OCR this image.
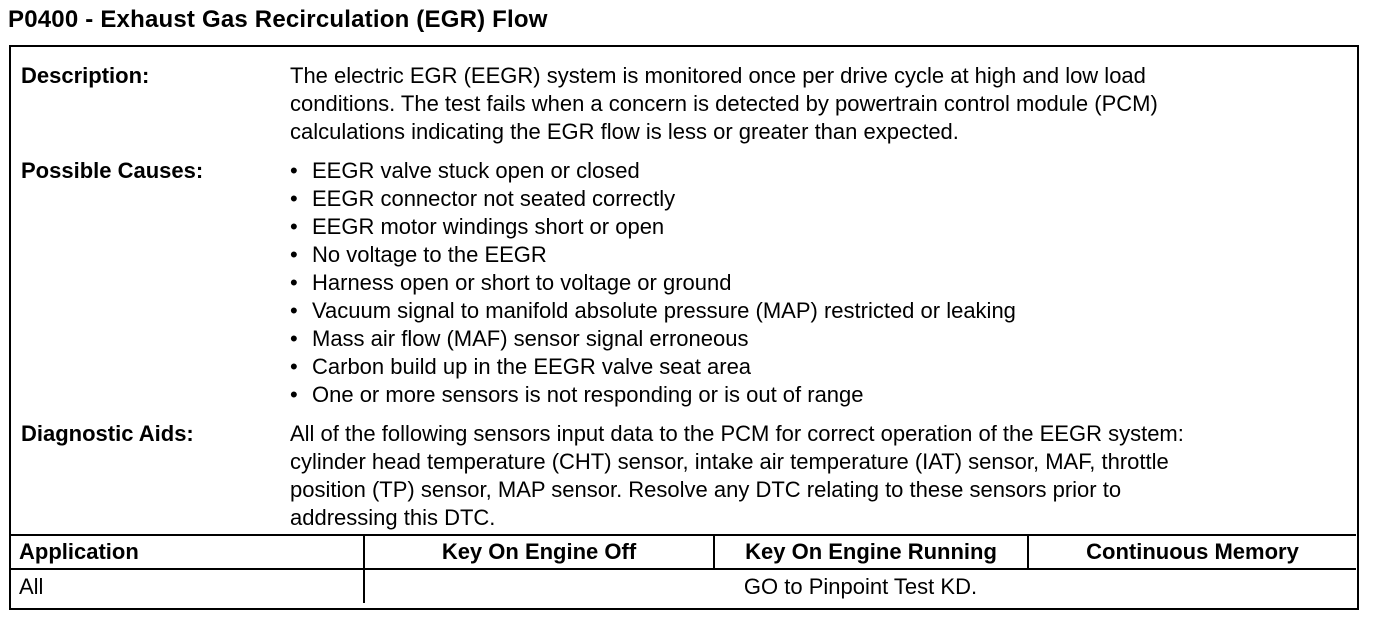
P0400 - Exhaust Gas Recirculation (EGR) Flow
Description:	The electric EGR (EEGR) system is monitored once per drive cycle at high and low load
conditions. The test fails when a concern is detected by powertrain control module (PCM)
calculations indicating the EGR flow is less or greater than expected.
Possible Causes:	• EEGR valve stuck open or closed
• EEGR connector not seated correctly
• EEGR motor windings short or open
• No voltage to the EEGR
• Harness open or short to voltage or ground
• Vacuum signal to manifold absolute pressure (MAP) restricted or leaking
• Mass air flow (MAF) sensor signal erroneous
• Carbon build up in the EEGR valve seat area
• One or more sensors is not responding or is out of range
Diagnostic Aids:	All of the following sensors input data to the PCM for correct operation of the EEGR system:
cylinder head temperature (CHT) sensor, intake air temperature (IAT) sensor, MAF, throttle
position (TP) sensor, MAP sensor. Resolve any DTC relating to these sensors prior to
addressing this DTC.
Application	Key On Engine Off	Key On Engine Running	Continuous Memory
All	GO to Pinpoint Test KD.		
